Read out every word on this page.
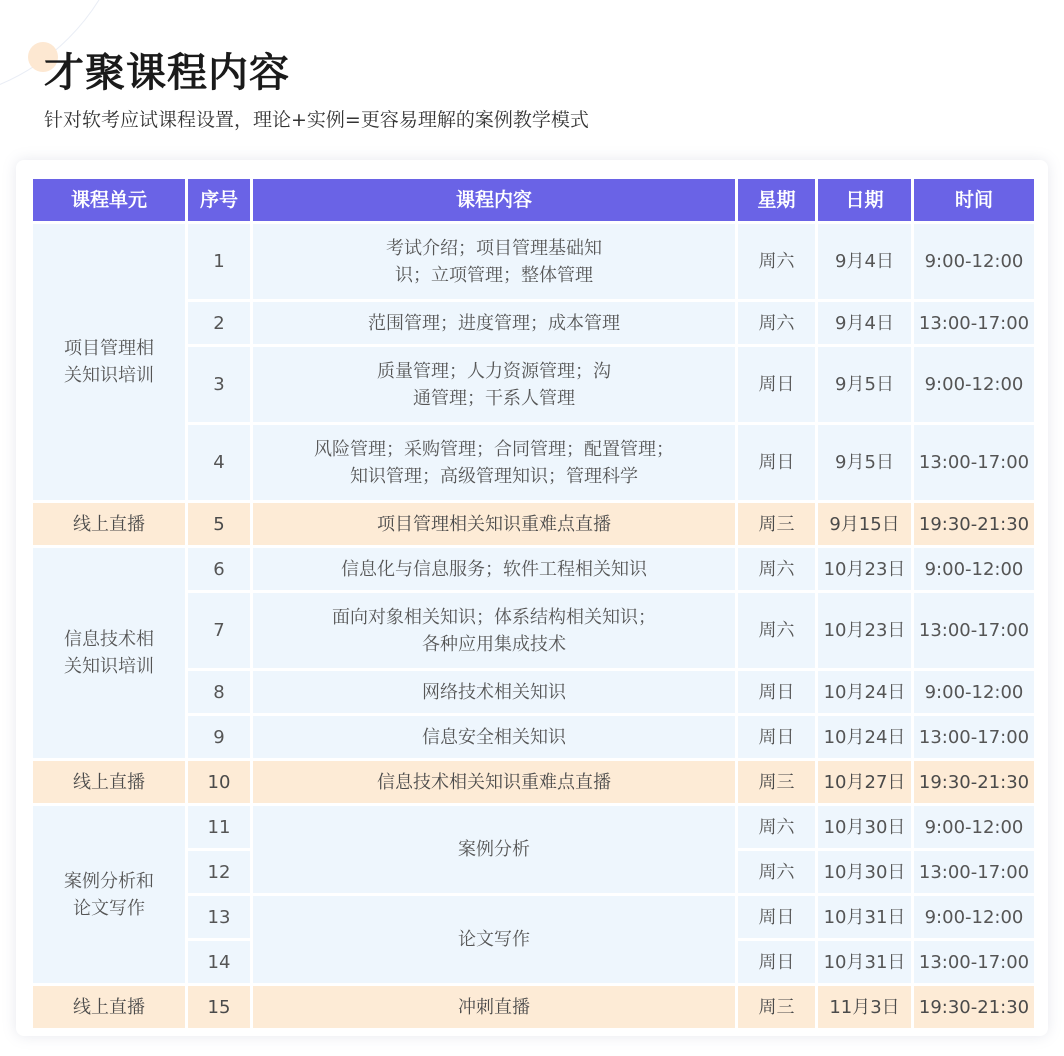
才聚课程内容

针对软考应试课程设置，理论+实例=更容易理解的案例教学模式

课程单元	序号	课程内容	星期	日期	时间

项目管理相关知识培训	1	考试介绍；项目管理基础知识；立项管理；整体管理	周六	9月4日	9:00-12:00
	2	范围管理；进度管理；成本管理	周六	9月4日	13:00-17:00
	3	质量管理；人力资源管理；沟通管理；干系人管理	周日	9月5日	9:00-12:00
	4	风险管理；采购管理；合同管理；配置管理；知识管理；高级管理知识；管理科学	周日	9月5日	13:00-17:00
线上直播	5	项目管理相关知识重难点直播	周三	9月15日	19:30-21:30

信息技术相关知识培训	6	信息化与信息服务；软件工程相关知识	周六	10月23日	9:00-12:00
	7	面向对象相关知识；体系结构相关知识；各种应用集成技术	周六	10月23日	13:00-17:00
	8	网络技术相关知识	周日	10月24日	9:00-12:00
	9	信息安全相关知识	周日	10月24日	13:00-17:00
线上直播	10	信息技术相关知识重难点直播	周三	10月27日	19:30-21:30

案例分析和论文写作	11	案例分析	周六	10月30日	9:00-12:00
	12		周六	10月30日	13:00-17:00
	13	论文写作	周日	10月31日	9:00-12:00
	14		周日	10月31日	13:00-17:00
线上直播	15	冲刺直播	周三	11月3日	19:30-21:30
